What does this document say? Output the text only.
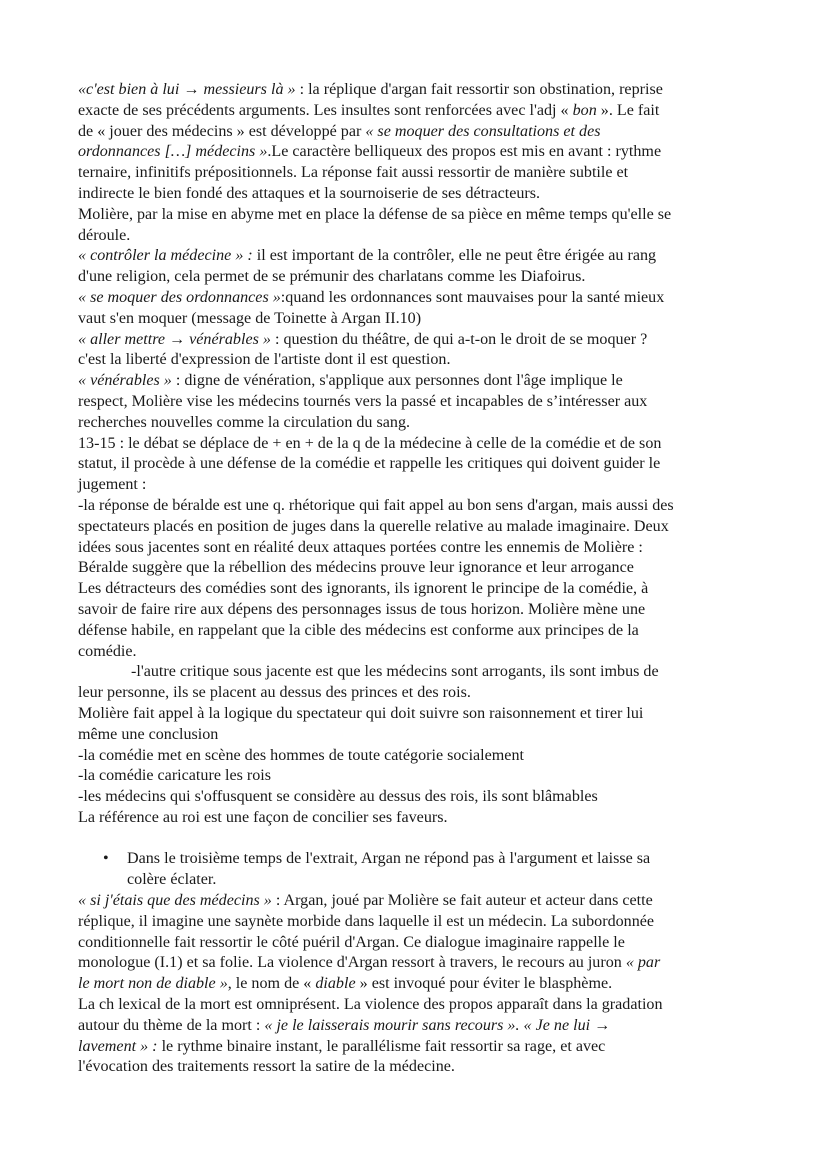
«c'est bien à lui → messieurs là » : la réplique d'argan fait ressortir son obstination, reprise
exacte de ses précédents arguments. Les insultes sont renforcées avec l'adj « bon ». Le fait
de « jouer des médecins » est développé par « se moquer des consultations et des
ordonnances […] médecins ».Le caractère belliqueux des propos est mis en avant : rythme
ternaire, infinitifs prépositionnels. La réponse fait aussi ressortir de manière subtile et
indirecte le bien fondé des attaques et la sournoiserie de ses détracteurs.
Molière, par la mise en abyme met en place la défense de sa pièce en même temps qu'elle se
déroule.
« contrôler la médecine » : il est important de la contrôler, elle ne peut être érigée au rang
d'une religion, cela permet de se prémunir des charlatans comme les Diafoirus.
« se moquer des ordonnances »:quand les ordonnances sont mauvaises pour la santé mieux
vaut s'en moquer (message de Toinette à Argan II.10)
« aller mettre → vénérables » : question du théâtre, de qui a-t-on le droit de se moquer ?
c'est la liberté d'expression de l'artiste dont il est question.
« vénérables » : digne de vénération, s'applique aux personnes dont l'âge implique le
respect, Molière vise les médecins tournés vers la passé et incapables de s’intéresser aux
recherches nouvelles comme la circulation du sang.
13-15 : le débat se déplace de + en + de la q de la médecine à celle de la comédie et de son
statut, il procède à une défense de la comédie et rappelle les critiques qui doivent guider le
jugement :
-la réponse de béralde est une q. rhétorique qui fait appel au bon sens d'argan, mais aussi des
spectateurs placés en position de juges dans la querelle relative au malade imaginaire. Deux
idées sous jacentes sont en réalité deux attaques portées contre les ennemis de Molière :
Béralde suggère que la rébellion des médecins prouve leur ignorance et leur arrogance
Les détracteurs des comédies sont des ignorants, ils ignorent le principe de la comédie, à
savoir de faire rire aux dépens des personnages issus de tous horizon. Molière mène une
défense habile, en rappelant que la cible des médecins est conforme aux principes de la
comédie.
-l'autre critique sous jacente est que les médecins sont arrogants, ils sont imbus de
leur personne, ils se placent au dessus des princes et des rois.
Molière fait appel à la logique du spectateur qui doit suivre son raisonnement et tirer lui
même une conclusion
-la comédie met en scène des hommes de toute catégorie socialement
-la comédie caricature les rois
-les médecins qui s'offusquent se considère au dessus des rois, ils sont blâmables
La référence au roi est une façon de concilier ses faveurs.
• Dans le troisième temps de l'extrait, Argan ne répond pas à l'argument et laisse sa
colère éclater.
« si j'étais que des médecins » : Argan, joué par Molière se fait auteur et acteur dans cette
réplique, il imagine une saynète morbide dans laquelle il est un médecin. La subordonnée
conditionnelle fait ressortir le côté puéril d'Argan. Ce dialogue imaginaire rappelle le
monologue (I.1) et sa folie. La violence d'Argan ressort à travers, le recours au juron « par
le mort non de diable », le nom de « diable » est invoqué pour éviter le blasphème.
La ch lexical de la mort est omniprésent. La violence des propos apparaît dans la gradation
autour du thème de la mort : « je le laisserais mourir sans recours ». « Je ne lui →
lavement » : le rythme binaire instant, le parallélisme fait ressortir sa rage, et avec
l'évocation des traitements ressort la satire de la médecine.
